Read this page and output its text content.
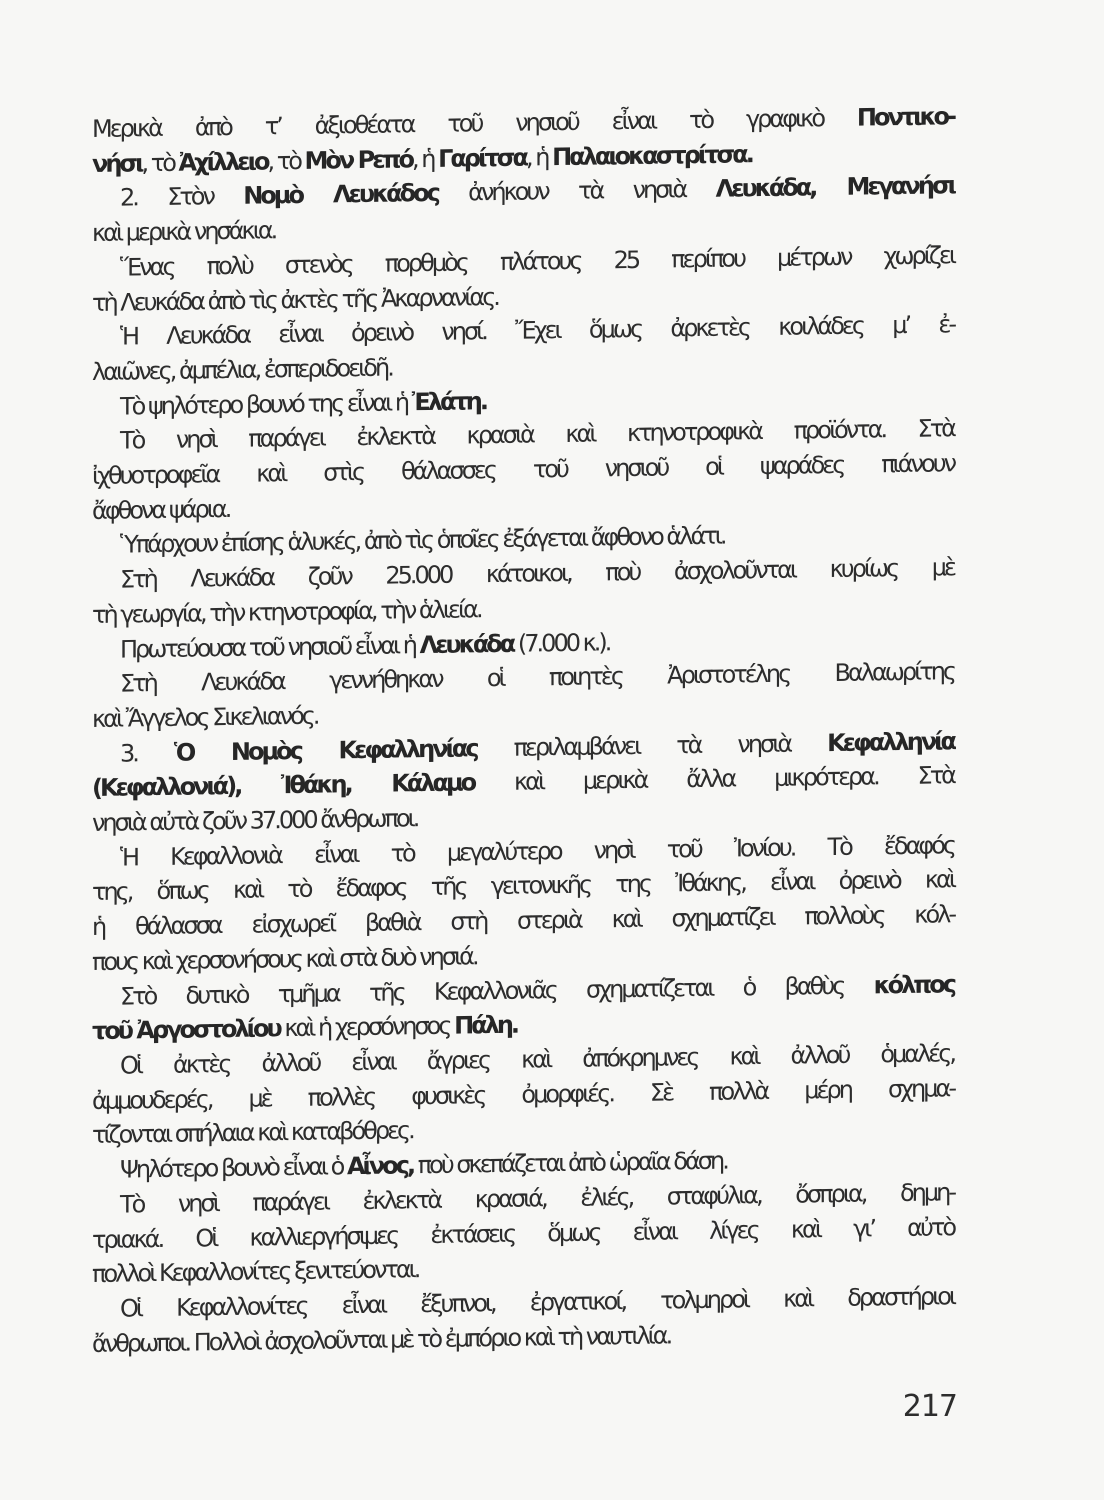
Μερικὰ ἀπὸ τ’ ἀξιοθέατα τοῦ νησιοῦ εἶναι τὸ γραφικὸ Ποντικο-
νήσι, τὸ Ἀχίλλειο, τὸ Μὸν Ρεπό, ἡ Γαρίτσα, ἡ Παλαιοκαστρίτσα.
2. Στὸν Νομὸ Λευκάδος ἀνήκουν τὰ νησιὰ Λευκάδα, Μεγανήσι
καὶ μερικὰ νησάκια.
Ἕνας πολὺ στενὸς πορθμὸς πλάτους 25 περίπου μέτρων χωρίζει
τὴ Λευκάδα ἀπὸ τὶς ἀκτὲς τῆς Ἀκαρνανίας.
Ἡ Λευκάδα εἶναι ὀρεινὸ νησί. Ἔχει ὅμως ἀρκετὲς κοιλάδες μ’ ἐ-
λαιῶνες, ἀμπέλια, ἐσπεριδοειδῆ.
Τὸ ψηλότερο βουνό της εἶναι ἡ Ἐλάτη.
Τὸ νησὶ παράγει ἐκλεκτὰ κρασιὰ καὶ κτηνοτροφικὰ προϊόντα. Στὰ
ἰχθυοτροφεῖα καὶ στὶς θάλασσες τοῦ νησιοῦ οἱ ψαράδες πιάνουν
ἄφθονα ψάρια.
Ὑπάρχουν ἐπίσης ἁλυκές, ἀπὸ τὶς ὁποῖες ἐξάγεται ἄφθονο ἁλάτι.
Στὴ Λευκάδα ζοῦν 25.000 κάτοικοι, ποὺ ἀσχολοῦνται κυρίως μὲ
τὴ γεωργία, τὴν κτηνοτροφία, τὴν ἁλιεία.
Πρωτεύουσα τοῦ νησιοῦ εἶναι ἡ Λευκάδα (7.000 κ.).
Στὴ Λευκάδα γεννήθηκαν οἱ ποιητὲς Ἀριστοτέλης Βαλαωρίτης
καὶ Ἄγγελος Σικελιανός.
3. Ὁ Νομὸς Κεφαλληνίας περιλαμβάνει τὰ νησιὰ Κεφαλληνία
(Κεφαλλονιά), Ἰθάκη, Κάλαμο καὶ μερικὰ ἄλλα μικρότερα. Στὰ
νησιὰ αὐτὰ ζοῦν 37.000 ἄνθρωποι.
Ἡ Κεφαλλονιὰ εἶναι τὸ μεγαλύτερο νησὶ τοῦ Ἰονίου. Τὸ ἔδαφός
της, ὅπως καὶ τὸ ἔδαφος τῆς γειτονικῆς της Ἰθάκης, εἶναι ὀρεινὸ καὶ
ἡ θάλασσα εἰσχωρεῖ βαθιὰ στὴ στεριὰ καὶ σχηματίζει πολλοὺς κόλ-
πους καὶ χερσονήσους καὶ στὰ δυὸ νησιά.
Στὸ δυτικὸ τμῆμα τῆς Κεφαλλονιᾶς σχηματίζεται ὁ βαθὺς κόλπος
τοῦ Ἀργοστολίου καὶ ἡ χερσόνησος Πάλη.
Οἱ ἀκτὲς ἀλλοῦ εἶναι ἄγριες καὶ ἀπόκρημνες καὶ ἀλλοῦ ὁμαλές,
ἀμμουδερές, μὲ πολλὲς φυσικὲς ὀμορφιές. Σὲ πολλὰ μέρη σχημα-
τίζονται σπήλαια καὶ καταβόθρες.
Ψηλότερο βουνὸ εἶναι ὁ Αἶνος, ποὺ σκεπάζεται ἀπὸ ὡραῖα δάση.
Τὸ νησὶ παράγει ἐκλεκτὰ κρασιά, ἐλιές, σταφύλια, ὄσπρια, δημη-
τριακά. Οἱ καλλιεργήσιμες ἐκτάσεις ὅμως εἶναι λίγες καὶ γι’ αὐτὸ
πολλοὶ Κεφαλλονίτες ξενιτεύονται.
Οἱ Κεφαλλονίτες εἶναι ἔξυπνοι, ἐργατικοί, τολμηροὶ καὶ δραστήριοι
ἄνθρωποι. Πολλοὶ ἀσχολοῦνται μὲ τὸ ἐμπόριο καὶ τὴ ναυτιλία.
217
